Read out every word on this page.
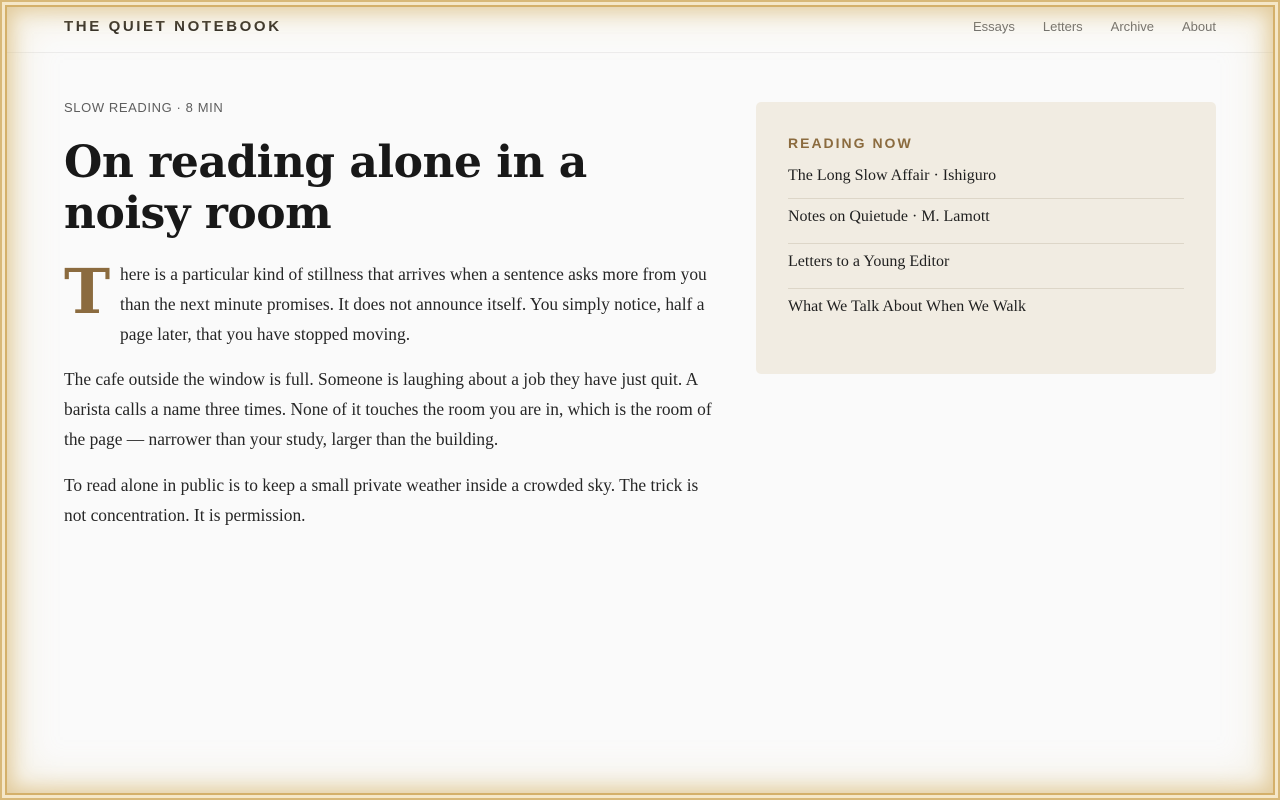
THE QUIET NOTEBOOK	Essays Letters Archive About
SLOW READING · 8 MIN
On reading alone in a noisy room
T here is a particular kind of stillness that arrives when a sentence asks more from you than the next minute promises. It does not announce itself. You simply notice, half a page later, that you have stopped moving.

The cafe outside the window is full. Someone is laughing about a job they have just quit. A barista calls a name three times. None of it touches the room you are in, which is the room of the page — narrower than your study, larger than the building.

To read alone in public is to keep a small private weather inside a crowded sky. The trick is not concentration. It is permission.

READING NOW
The Long Slow Affair · Ishiguro
Notes on Quietude · M. Lamott
Letters to a Young Editor
What We Talk About When We Walk
